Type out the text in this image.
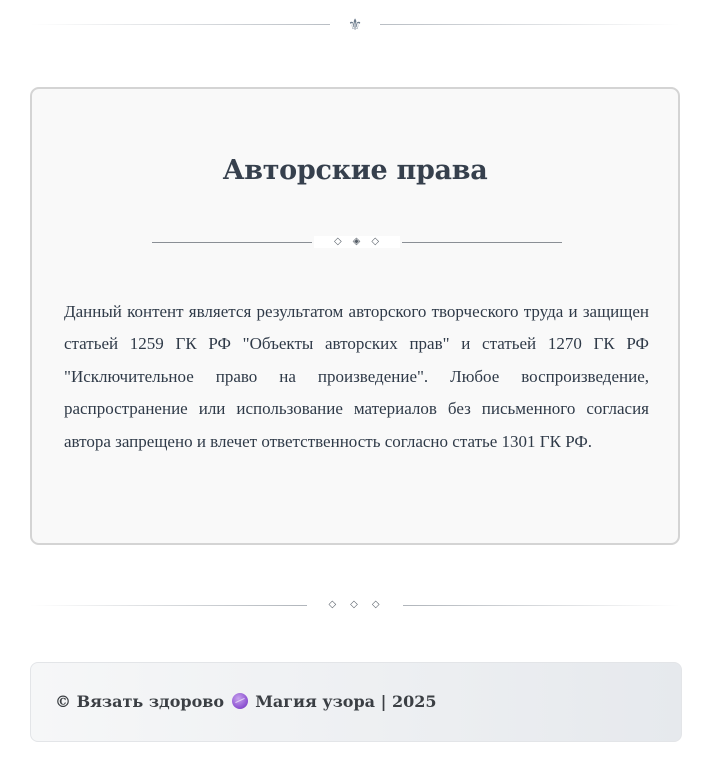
⚜
Авторские права
◇◈◇

Данный контент является результатом авторского творческого труда и защищен статьей 1259 ГК РФ "Объекты авторских прав" и статьей 1270 ГК РФ "Исключительное право на произведение". Любое воспроизведение, распространение или использование материалов без письменного согласия автора запрещено и влечет ответственность согласно статье 1301 ГК РФ.

◇◇◇
© Вязать здорово Магия узора | 2025
